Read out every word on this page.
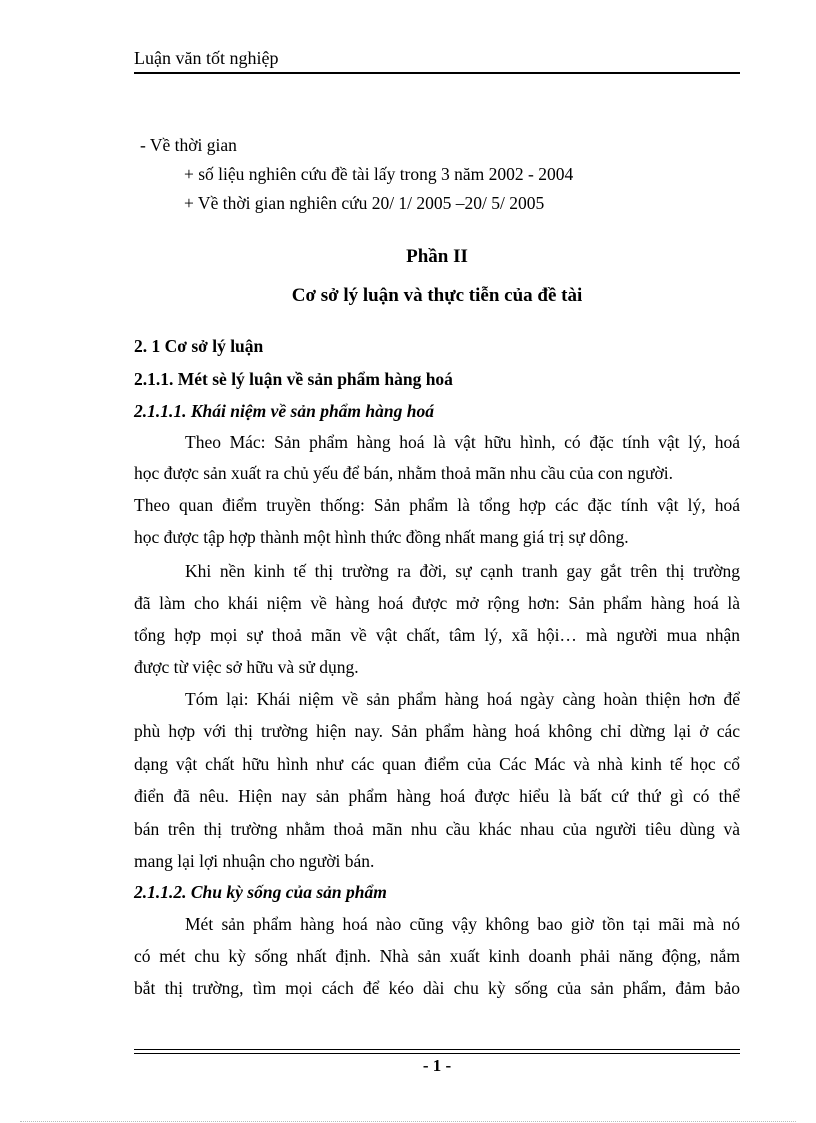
Luận văn tốt nghiệp
- Về thời gian
+ số liệu nghiên cứu đề tài lấy trong 3 năm 2002 - 2004
+ Về thời gian nghiên cứu 20/ 1/ 2005 –20/ 5/ 2005
Phần II
Cơ sở lý luận và thực tiễn của đề tài
2. 1 Cơ sở lý luận
2.1.1. Mét sè lý luận về sản phẩm hàng hoá
2.1.1.1. Khái niệm về sản phẩm hàng hoá
Theo Mác: Sản phẩm hàng hoá là vật hữu hình, có đặc tính vật lý, hoá
học được sản xuất ra chủ yếu để bán, nhằm thoả mãn nhu cầu của con người.
Theo quan điểm truyền thống: Sản phẩm là tổng hợp các đặc tính vật lý, hoá
học được tập hợp thành một hình thức đồng nhất mang giá trị sự dông.
Khi nền kinh tế thị trường ra đời, sự cạnh tranh gay gắt trên thị trường
đã làm cho khái niệm về hàng hoá được mở rộng hơn: Sản phẩm hàng hoá là
tổng hợp mọi sự thoả mãn về vật chất, tâm lý, xã hội… mà người mua nhận
được từ việc sở hữu và sử dụng.
Tóm lại: Khái niệm về sản phẩm hàng hoá ngày càng hoàn thiện hơn để
phù hợp với thị trường hiện nay. Sản phẩm hàng hoá không chỉ dừng lại ở các
dạng vật chất hữu hình như các quan điểm của Các Mác và nhà kinh tế học cổ
điển đã nêu. Hiện nay sản phẩm hàng hoá được hiểu là bất cứ thứ gì có thể
bán trên thị trường nhằm thoả mãn nhu cầu khác nhau của người tiêu dùng và
mang lại lợi nhuận cho người bán.
2.1.1.2. Chu kỳ sống của sản phẩm
Mét sản phẩm hàng hoá nào cũng vậy không bao giờ tồn tại mãi mà nó
có mét chu kỳ sống nhất định. Nhà sản xuất kinh doanh phải năng động, nắm
bắt thị trường, tìm mọi cách để kéo dài chu kỳ sống của sản phẩm, đảm bảo
- 1 -
